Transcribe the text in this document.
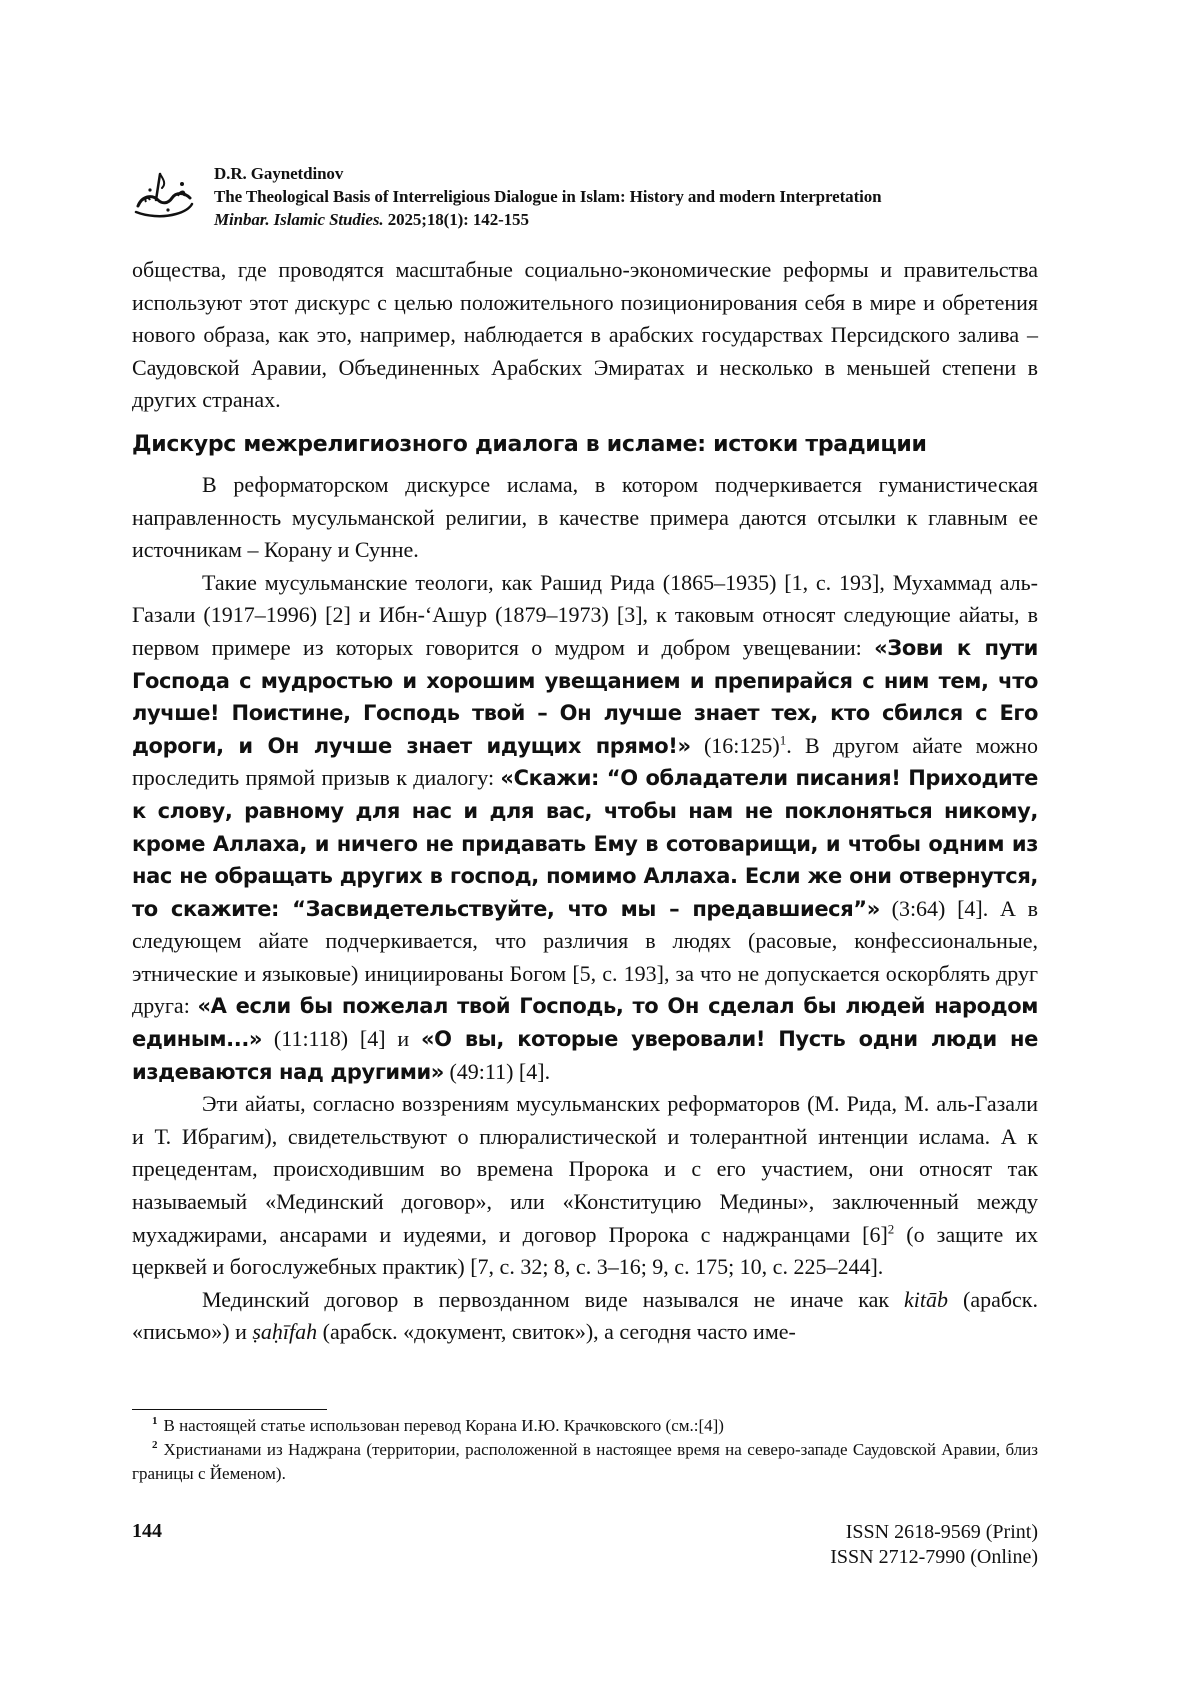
D.R. Gaynetdinov
The Theological Basis of Interreligious Dialogue in Islam: History and modern Interpretation
Minbar. Islamic Studies. 2025;18(1): 142-155

общества, где проводятся масштабные социально-экономические реформы и пра­вительства используют этот дискурс с целью положительного позиционирования себя в мире и обретения нового образа, как это, например, наблюдается в арабских государствах Персидского залива – Саудовской Аравии, Объединенных Арабских Эмиратах и несколько в меньшей степени в других странах.

Дискурс межрелигиозного диалога в исламе: истоки традиции

В реформаторском дискурсе ислама, в котором подчеркивается гуманистиче­ская направленность мусульманской религии, в качестве примера даются отсылки к главным ее источникам – Корану и Сунне.

Такие мусульманские теологи, как Рашид Рида (1865–1935) [1, с. 193], Му­хаммад аль-Газали (1917–1996) [2] и Ибн-‘Ашур (1879–1973) [3], к таковым отно­сят следующие айаты, в первом примере из которых говорится о мудром и добром увещевании: «Зови к пути Господа с мудростью и хорошим увещанием и пре­пирайся с ним тем, что лучше! Поистине, Господь твой – Он лучше знает тех, кто сбился с Его дороги, и Он лучше знает идущих прямо!» (16:125)1. В другом айате можно проследить прямой призыв к диалогу: «Скажи: “О обладатели пи­сания! Приходите к слову, равному для нас и для вас, чтобы нам не покло­няться никому, кроме Аллаха, и ничего не придавать Ему в сотоварищи, и чтобы одним из нас не обращать других в господ, помимо Аллаха. Если же они отвернутся, то скажите: “Засвидетельствуйте, что мы – предавшиеся”» (3:64) [4]. А в следующем айате подчеркивается, что различия в людях (расовые, конфессиональные, этнические и языковые) инициированы Богом [5, с. 193], за что не допускается оскорблять друг друга: «А если бы пожелал твой Господь, то Он сделал бы людей народом единым...» (11:118) [4] и «О вы, которые уверо­вали! Пусть одни люди не издеваются над другими» (49:11) [4].

Эти айаты, согласно воззрениям мусульманских реформаторов (М. Рида, М. аль-Газали и Т. Ибрагим), свидетельствуют о плюралистической и толерантной интенции ислама. А к прецедентам, происходившим во времена Пророка и с его участием, они относят так называемый «Мединский договор», или «Конституцию Медины», заключенный между мухаджирами, ансарами и иудеями, и договор Про­рока с наджранцами [6]2 (о защите их церквей и богослужебных практик) [7, с. 32; 8, с. 3–16; 9, с. 175; 10, с. 225–244].

Мединский договор в первозданном виде назывался не иначе как kitāb (арабск. «письмо») и ṣaḥīfah (арабск. «документ, свиток»), а сегодня часто име-

1 В настоящей статье использован перевод Корана И.Ю. Крачковского (см.:[4])

2 Христианами из Наджрана (территории, расположенной в настоящее время на северо-западе Саудовской Аравии, близ границы с Йеменом).

144	ISSN 2618-9569 (Print)
ISSN 2712-7990 (Online)
